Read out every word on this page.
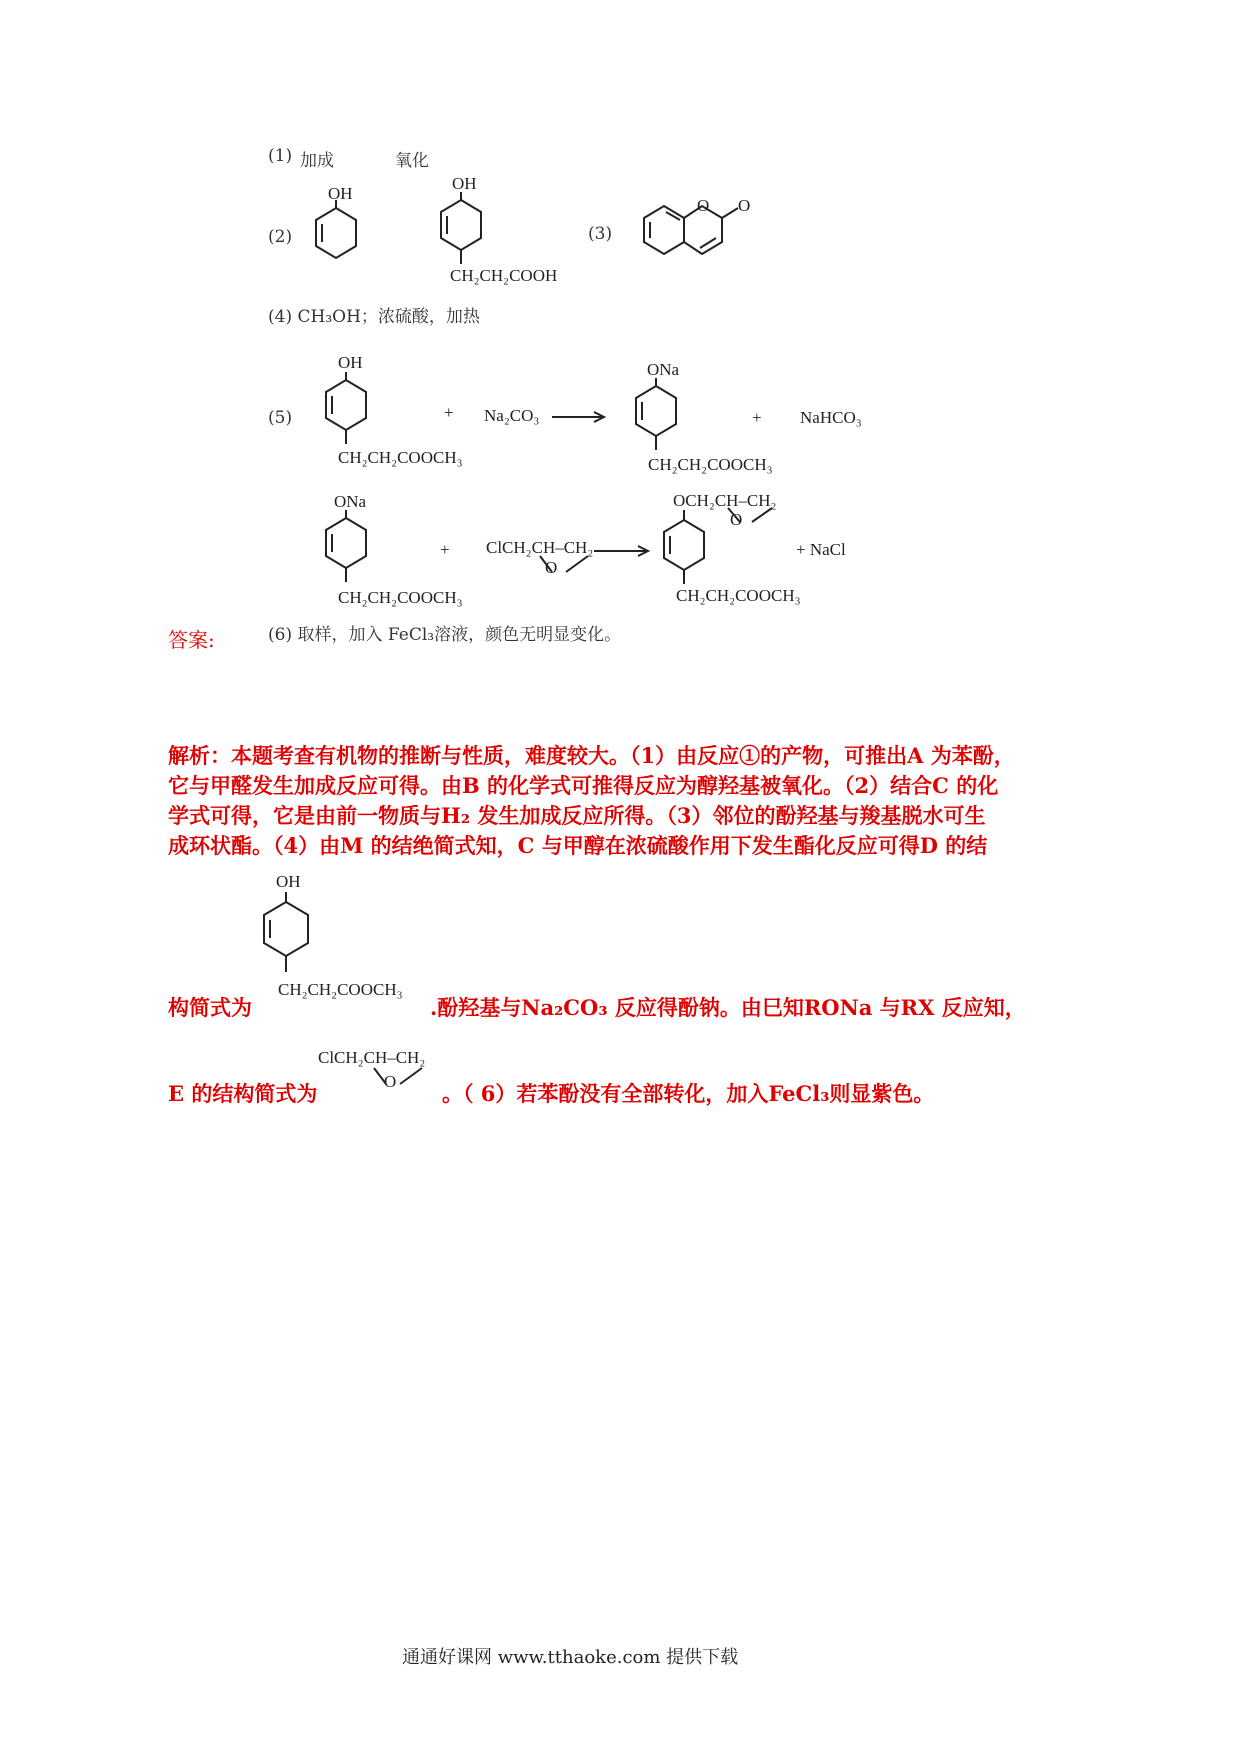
(1) 加成	氧化
(2)
OH
OH
CH₂CH₂COOH
(3)
O O
(4) CH₃OH；浓硫酸，加热
(5)
OH
CH₂CH₂COOCH₃
+ Na₂CO₃ →
ONa
CH₂CH₂COOCH₃
+ NaHCO₃
ONa
CH₂CH₂COOCH₃
+ ClCH₂CH–CH₂
O
OCH₂CH–CH₂
O
CH₂CH₂COOCH₃
+ NaCl
(6) 取样，加入 FeCl₃溶液，颜色无明显变化。
答案:
解析：本题考查有机物的推断与性质，难度较大。（1）由反应①的产物，可推出A 为苯酚，
它与甲醛发生加成反应可得。由B 的化学式可推得反应为醇羟基被氧化。（2）结合C 的化
学式可得，它是由前一物质与H₂ 发生加成反应所得。（3）邻位的酚羟基与羧基脱水可生
成环状酯。（4）由M 的结绝简式知，C 与甲醇在浓硫酸作用下发生酯化反应可得D 的结
构简式为
OH
CH₂CH₂COOCH₃
.酚羟基与Na₂CO₃ 反应得酚钠。由巳知RONa 与RX 反应知，
E 的结构简式为
ClCH₂CH–CH₂
O 。（ 6）若苯酚没有全部转化，加入FeCl₃则显紫色。
通通好课网 www.tthaoke.com 提供下载
